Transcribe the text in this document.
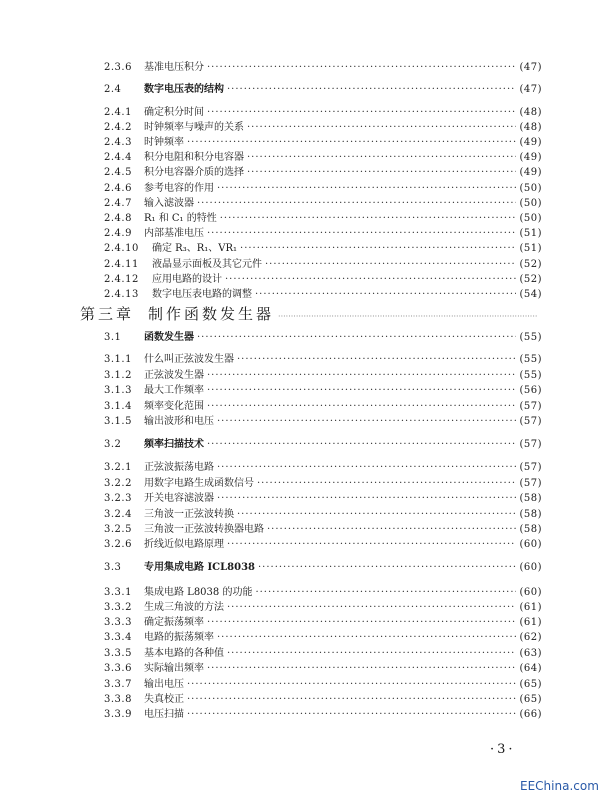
2.3.6	基准电压积分 ·····	(47)
2.4	数字电压表的结构 ·····	(47)
2.4.1	确定积分时间 ·····	(48)
2.4.2	时钟频率与噪声的关系 ·····	(48)
2.4.3	时钟频率 ·····	(49)
2.4.4	积分电阻和积分电容器 ·····	(49)
2.4.5	积分电容器介质的选择 ·····	(49)
2.4.6	参考电容的作用 ·····	(50)
2.4.7	输入滤波器 ·····	(50)
2.4.8	R₁ 和 C₁ 的特性 ·····	(50)
2.4.9	内部基准电压 ·····	(51)
2.4.10	确定 R₃、R₁、VR₁ ·····	(51)
2.4.11	液晶显示面板及其它元件 ·····	(52)
2.4.12	应用电路的设计 ·····	(52)
2.4.13	数字电压表电路的调整 ·····	(54)
第三章 制作函数发生器
·····
3.1	函数发生器 ·····	(55)
3.1.1	什么叫正弦波发生器 ·····	(55)
3.1.2	正弦波发生器 ·····	(55)
3.1.3	最大工作频率 ·····	(56)
3.1.4	频率变化范围 ·····	(57)
3.1.5	输出波形和电压 ·····	(57)
3.2	频率扫描技术 ·····	(57)
3.2.1	正弦波振荡电路 ·····	(57)
3.2.2	用数字电路生成函数信号 ·····	(57)
3.2.3	开关电容滤波器 ·····	(58)
3.2.4	三角波一正弦波转换 ·····	(58)
3.2.5	三角波一正弦波转换器电路 ·····	(58)
3.2.6	折线近似电路原理 ·····	(60)
3.3	专用集成电路 ICL8038 ·····	(60)
3.3.1	集成电路 L8038 的功能 ·····	(60)
3.3.2	生成三角波的方法 ·····	(61)
3.3.3	确定振荡频率 ·····	(61)
3.3.4	电路的振荡频率 ·····	(62)
3.3.5	基本电路的各种值 ·····	(63)
3.3.6	实际输出频率 ·····	(64)
3.3.7	输出电压 ·····	(65)
3.3.8	失真校正 ·····	(65)
3.3.9	电压扫描 ·····	(66)
·3·
EEChina.com
